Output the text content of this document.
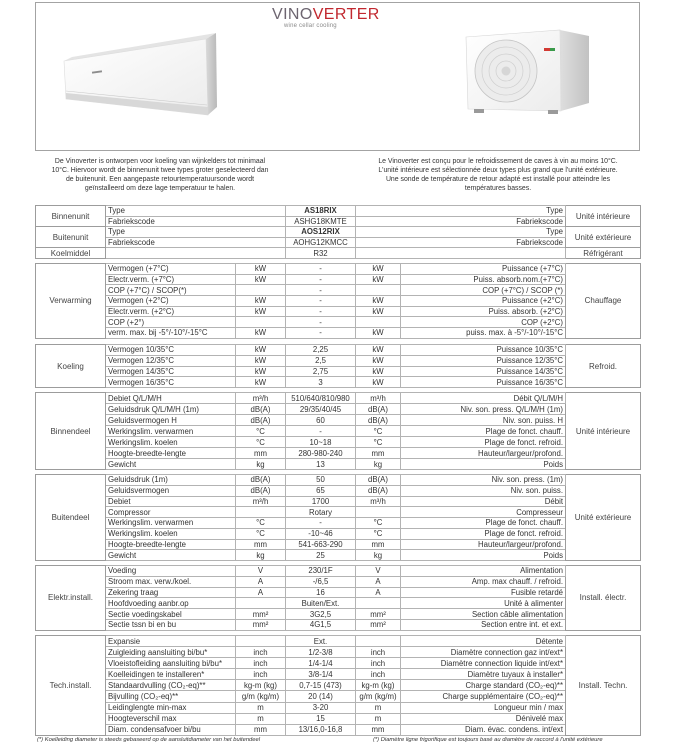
VINOVERTER
wine cellar cooling
De Vinoverter is ontworpen voor koeling van wijnkelders tot minimaal
10°C. Hiervoor wordt de binnenunit twee types groter geselecteerd dan
de buitenunit. Een aangepaste retourtemperatuursonde wordt
geïnstalleerd om deze lage temperatuur te halen.
Le Vinoverter est conçu pour le refroidissement de caves à vin au moins 10°C.
L'unité intérieure est sélectionnée deux types plus grand que l'unité extérieure.
Une sonde de température de retour adapté est installé pour atteindre les
températures basses.
Binnenunit	Type	AS18RIX	Type	Unité intérieure
	Fabriekscode	ASHG18KMTE	Fabriekscode	
Buitenunit	Type	AOS12RIX	Type	Unité extérieure
	Fabriekscode	AOHG12KMCC	Fabriekscode	
Koelmiddel		R32		Réfrigérant
Verwarming	Vermogen (+7°C)	kW	-	kW	Puissance (+7°C)	Chauffage
	Electr.verm. (+7°C)	kW	-	kW	Puiss. absorb.nom.(+7°C)	
	COP (+7°C) / SCOP(*)		-		COP (+7°C) / SCOP (*)	
	Vermogen (+2°C)	kW	-	kW	Puissance (+2°C)	
	Electr.verm. (+2°C)	kW	-	kW	Puiss. absorb. (+2°C)	
	COP (+2°)		-		COP (+2°C)	
	verm. max. bij -5°/-10°/-15°C	kW	-	kW	puiss. max. à -5°/-10°/-15°C	
Koeling	Vermogen 10/35°C	kW	2,25	kW	Puissance 10/35°C	Refroid.
	Vermogen 12/35°C	kW	2,5	kW	Puissance 12/35°C	
	Vermogen 14/35°C	kW	2,75	kW	Puissance 14/35°C	
	Vermogen 16/35°C	kW	3	kW	Puissance 16/35°C	
Binnendeel	Debiet Q/L/M/H	m³/h	510/640/810/980	m³/h	Débit Q/L/M/H	Unité intérieure
	Geluidsdruk Q/L/M/H (1m)	dB(A)	29/35/40/45	dB(A)	Niv. son. press. Q/L/M/H (1m)	
	Geluidsvermogen H	dB(A)	60	dB(A)	Niv. son. puiss. H	
	Werkingslim. verwarmen	°C	-	°C	Plage de fonct. chauff.	
	Werkingslim. koelen	°C	10~18	°C	Plage de fonct. refroid.	
	Hoogte-breedte-lengte	mm	280-980-240	mm	Hauteur/largeur/profond.	
	Gewicht	kg	13	kg	Poids	
Buitendeel	Geluidsdruk (1m)	dB(A)	50	dB(A)	Niv. son. press. (1m)	Unité extérieure
	Geluidsvermogen	dB(A)	65	dB(A)	Niv. son. puiss.	
	Debiet	m³/h	1700	m³/h	Débit	
	Compressor		Rotary		Compresseur	
	Werkingslim. verwarmen	°C	-	°C	Plage de fonct. chauff.	
	Werkingslim. koelen	°C	-10~46	°C	Plage de fonct. refroid.	
	Hoogte-breedte-lengte	mm	541-663-290	mm	Hauteur/largeur/profond.	
	Gewicht	kg	25	kg	Poids	
Elektr.install.	Voeding	V	230/1F	V	Alimentation	Install. électr.
	Stroom max. verw./koel.	A	-/6,5	A	Amp. max chauff. / refroid.	
	Zekering traag	A	16	A	Fusible retardé	
	Hoofdvoeding aanbr.op		Buiten/Ext.		Unité à alimenter	
	Sectie voedingskabel	mm²	3G2,5	mm²	Section câble alimentation	
	Sectie tssn bi en bu	mm²	4G1,5	mm²	Section entre int. et ext.	
Tech.install.	Expansie		Ext.		Détente	Install. Techn.
	Zuigleiding aansluiting bi/bu*	inch	1/2-3/8	inch	Diamètre connection gaz int/ext*	
	Vloeistofleiding aansluiting bi/bu*	inch	1/4-1/4	inch	Diamètre connection liquide int/ext*	
	Koelleidingen te installeren*	inch	3/8-1/4	inch	Diamètre tuyaux à installer*	
	Standaardvulling (CO₂-eq)**	kg-m (kg)	0,7-15 (473)	kg-m (kg)	Charge standard (CO₂-eq)**	
	Bijvulling (CO₂-eq)**	g/m (kg/m)	20 (14)	g/m (kg/m)	Charge supplémentaire (CO₂-eq)**	
	Leidinglengte min-max	m	3-20	m	Longueur min / max	
	Hoogteverschil max	m	15	m	Dénivelé max	
	Diam. condensafvoer bi/bu	mm	13/16,0-16,8	mm	Diam. évac. condens. int/ext	
(*) Koelleiding diameter is steeds gebaseerd op de aansluitdiameter van het buitendeel	(*) Diamètre ligne frigorifique est toujours basé au diamètre de raccord à l'unité extérieure
